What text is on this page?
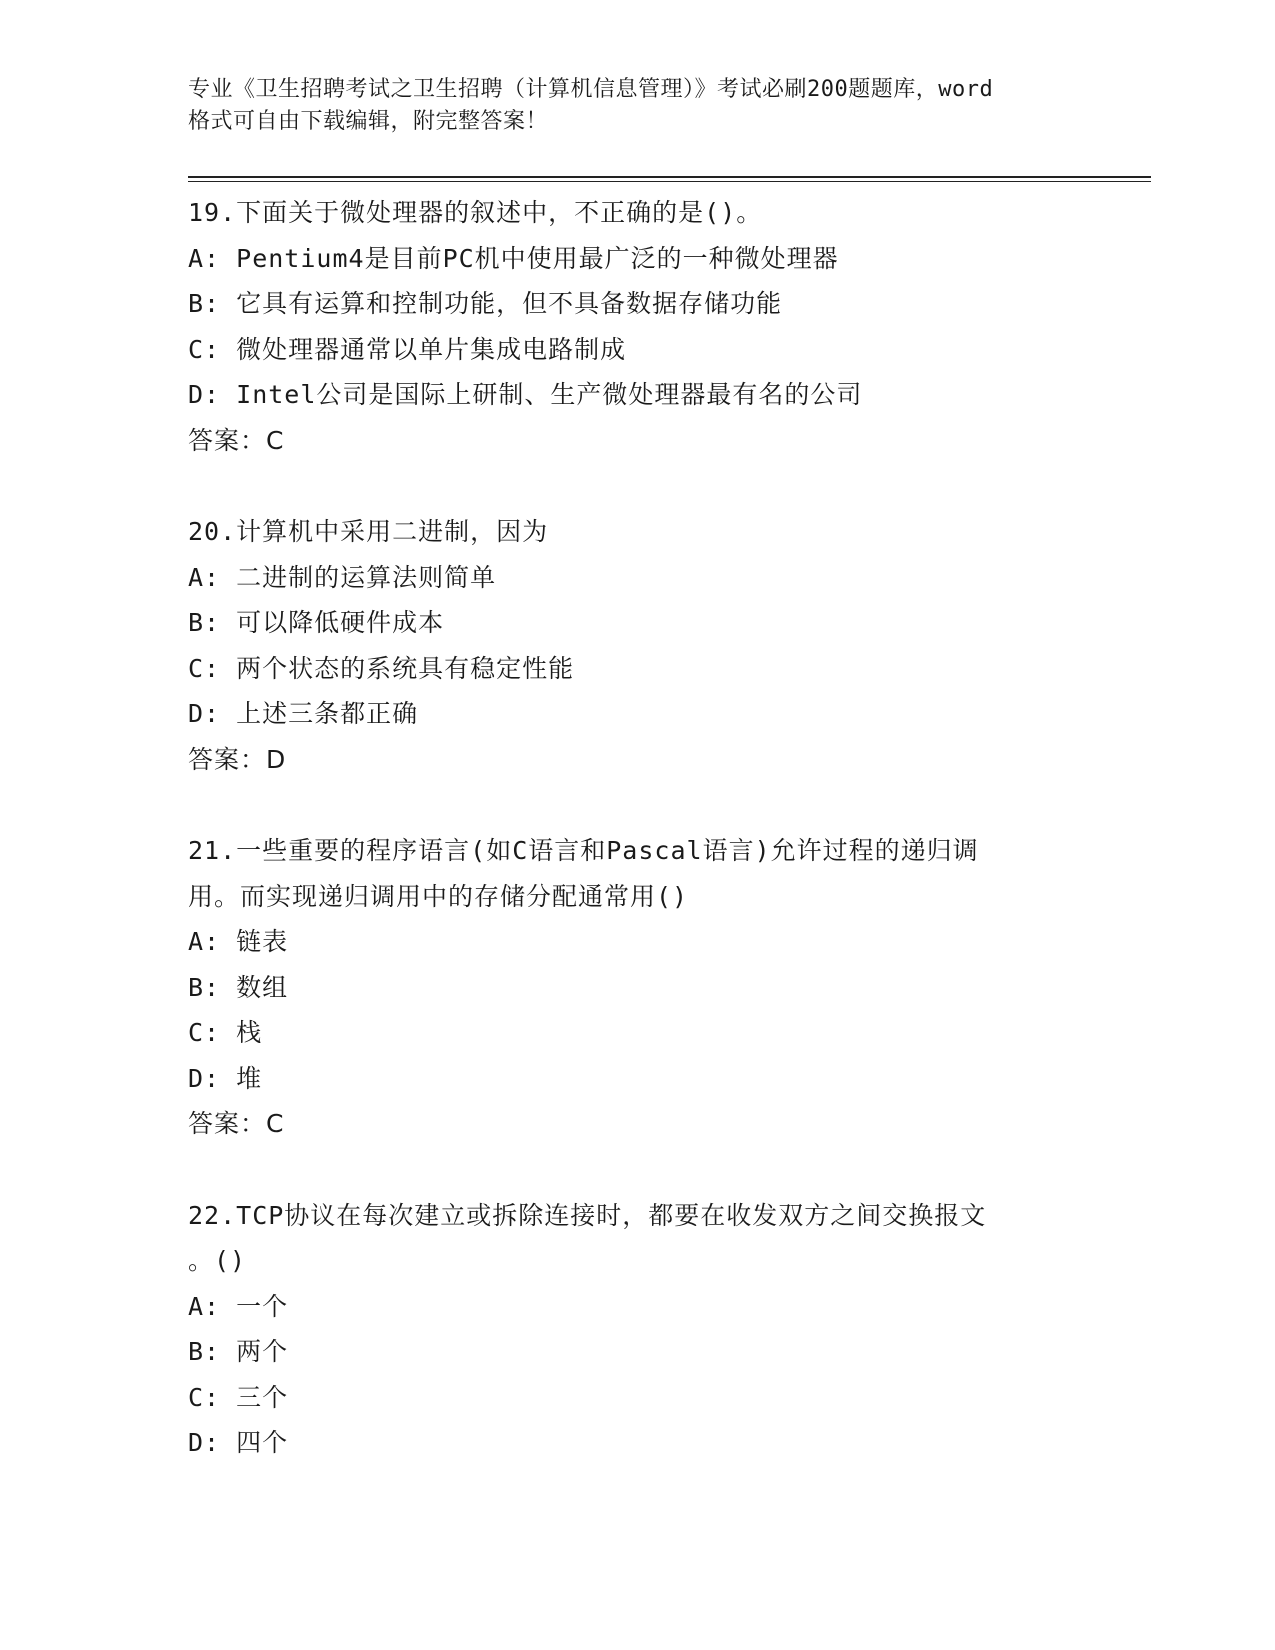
专业《卫生招聘考试之卫生招聘（计算机信息管理）》考试必刷200题题库，word
格式可自由下载编辑，附完整答案！
19.下面关于微处理器的叙述中，不正确的是()。
A: Pentium4是目前PC机中使用最广泛的一种微处理器
B: 它具有运算和控制功能，但不具备数据存储功能
C: 微处理器通常以单片集成电路制成
D: Intel公司是国际上研制、生产微处理器最有名的公司
答案：C
20.计算机中采用二进制，因为
A: 二进制的运算法则简单
B: 可以降低硬件成本
C: 两个状态的系统具有稳定性能
D: 上述三条都正确
答案：D
21.一些重要的程序语言(如C语言和Pascal语言)允许过程的递归调
用。而实现递归调用中的存储分配通常用()
A: 链表
B: 数组
C: 栈
D: 堆
答案：C
22.TCP协议在每次建立或拆除连接时，都要在收发双方之间交换报文
。()
A: 一个
B: 两个
C: 三个
D: 四个
